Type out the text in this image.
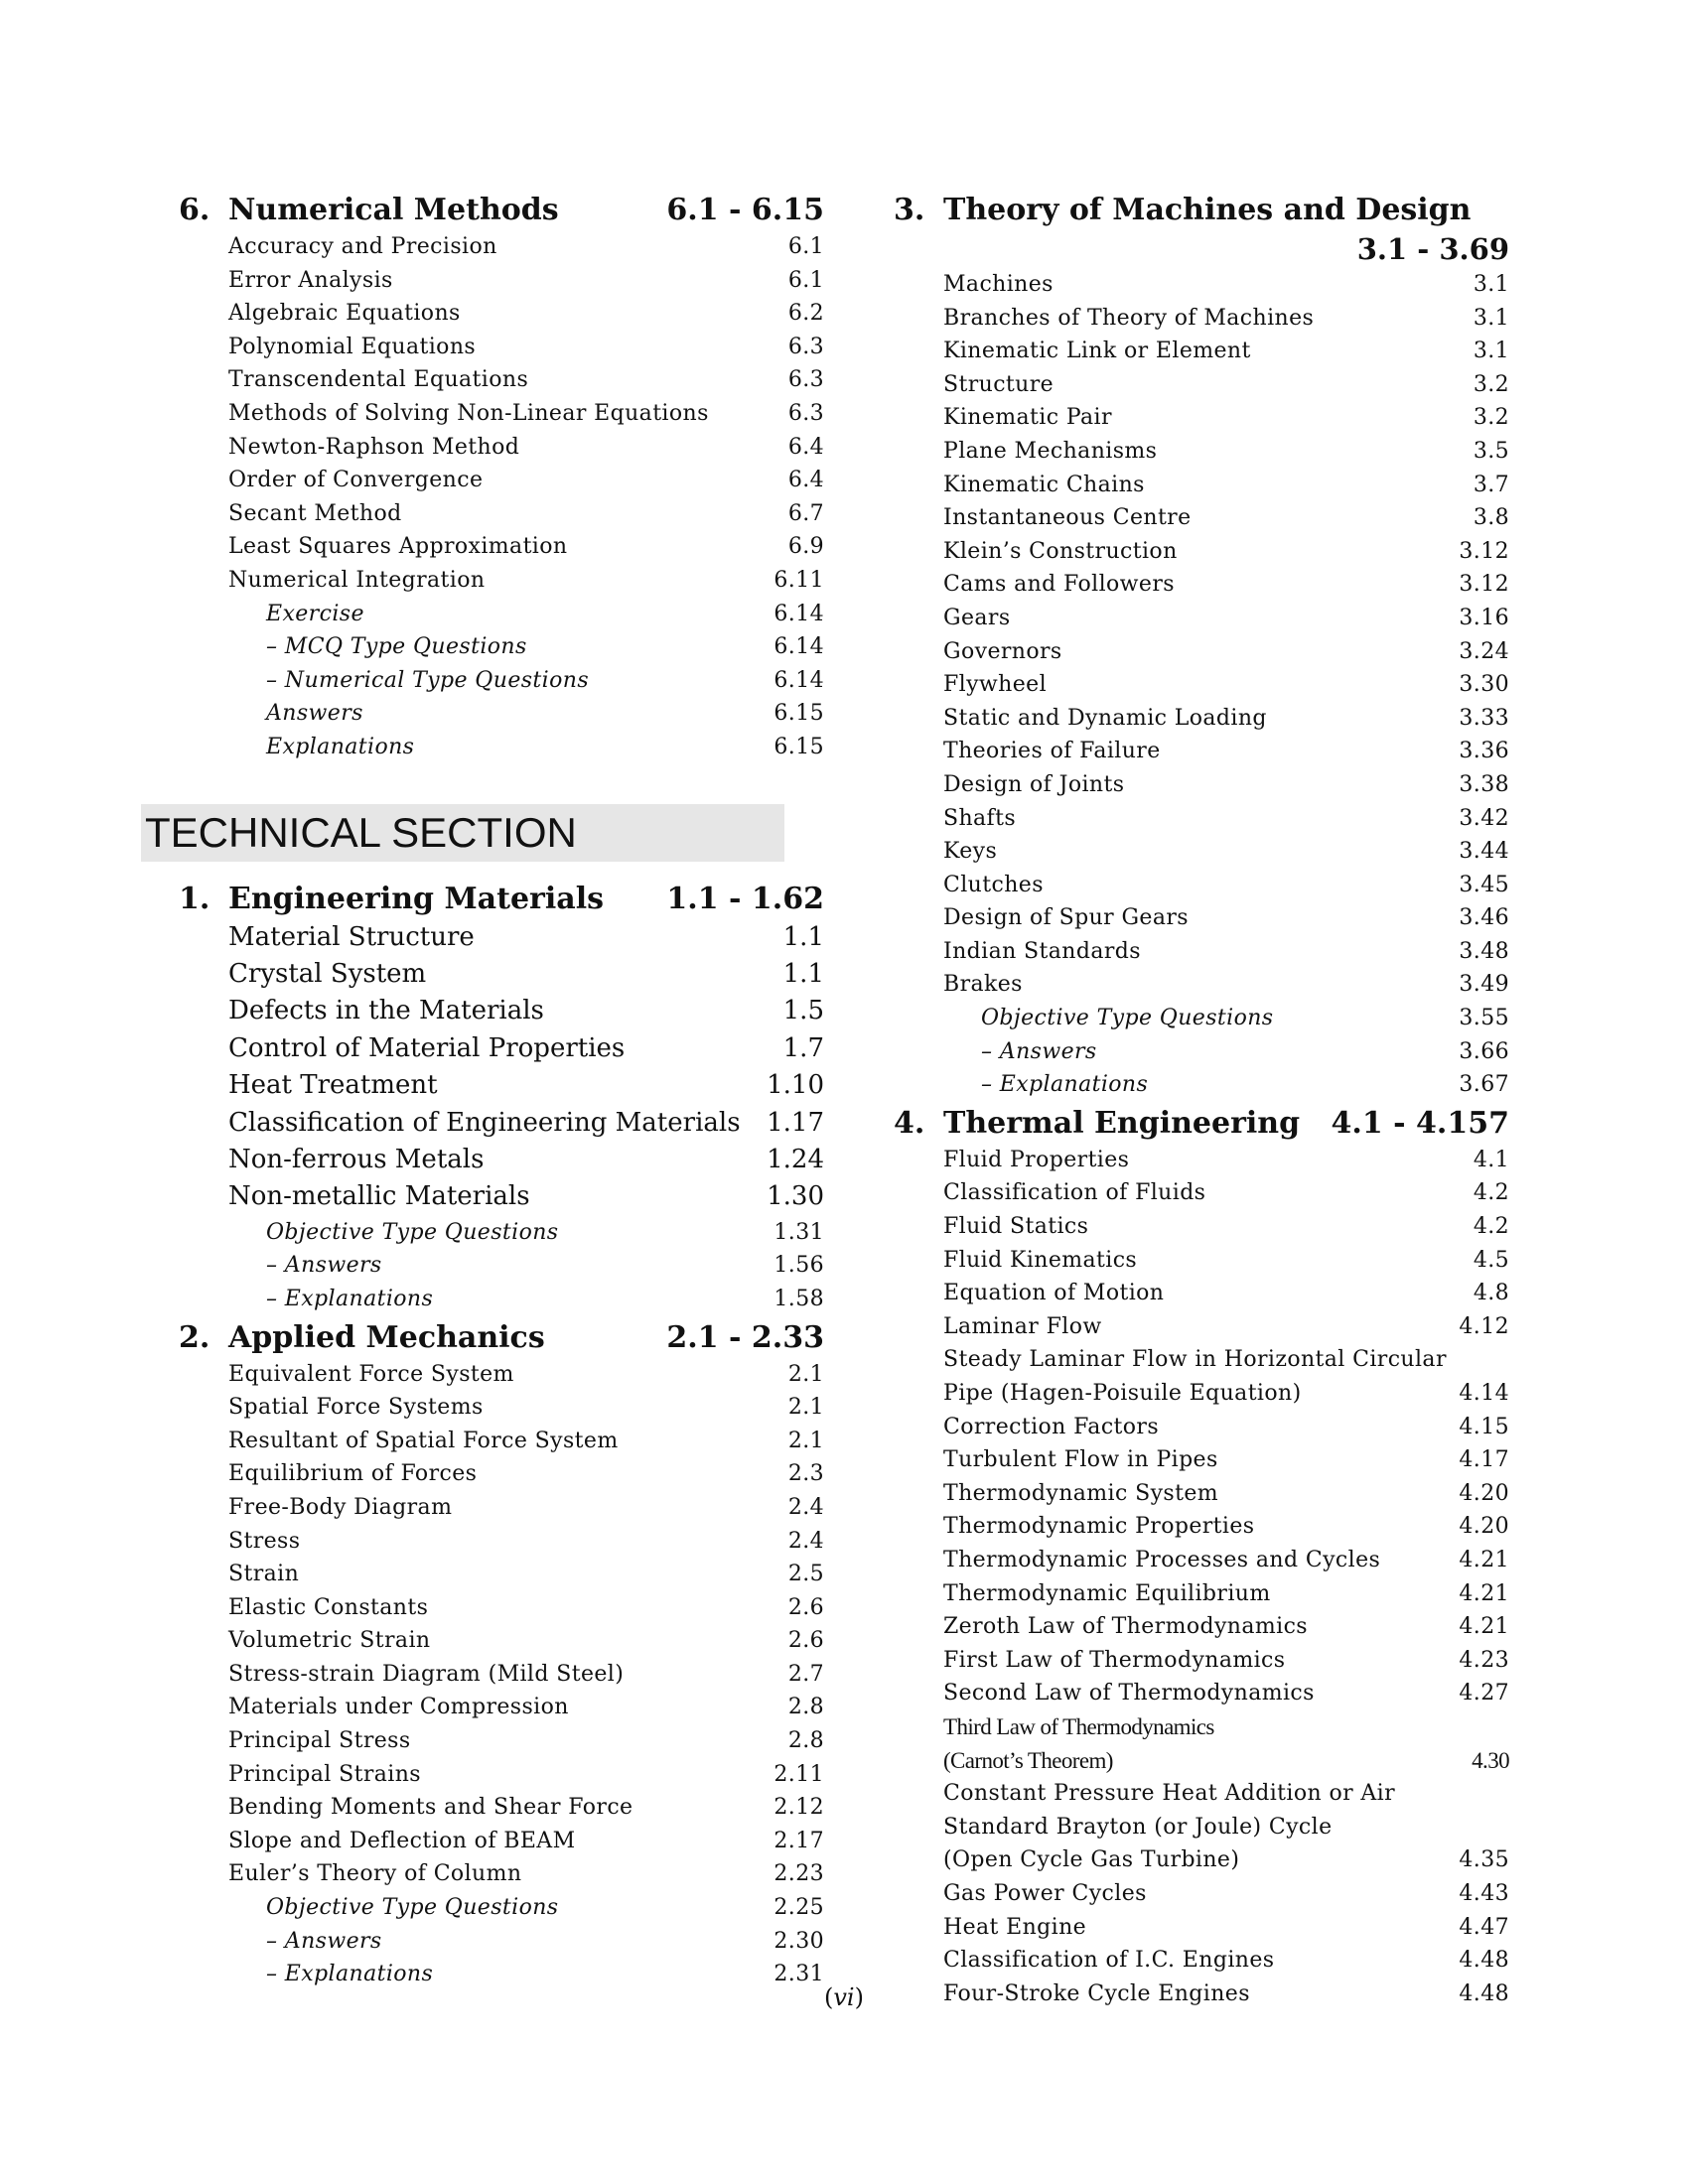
6. Numerical Methods	6.1 - 6.15
Accuracy and Precision	6.1
Error Analysis	6.1
Algebraic Equations	6.2
Polynomial Equations	6.3
Transcendental Equations	6.3
Methods of Solving Non-Linear Equations	6.3
Newton-Raphson Method	6.4
Order of Convergence	6.4
Secant Method	6.7
Least Squares Approximation	6.9
Numerical Integration	6.11
Exercise	6.14
– MCQ Type Questions	6.14
– Numerical Type Questions	6.14
Answers	6.15
Explanations	6.15
TECHNICAL SECTION
1. Engineering Materials	1.1 - 1.62
Material Structure	1.1
Crystal System	1.1
Defects in the Materials	1.5
Control of Material Properties	1.7
Heat Treatment	1.10
Classification of Engineering Materials	1.17
Non-ferrous Metals	1.24
Non-metallic Materials	1.30
Objective Type Questions	1.31
– Answers	1.56
– Explanations	1.58
2. Applied Mechanics	2.1 - 2.33
Equivalent Force System	2.1
Spatial Force Systems	2.1
Resultant of Spatial Force System	2.1
Equilibrium of Forces	2.3
Free-Body Diagram	2.4
Stress	2.4
Strain	2.5
Elastic Constants	2.6
Volumetric Strain	2.6
Stress-strain Diagram (Mild Steel)	2.7
Materials under Compression	2.8
Principal Stress	2.8
Principal Strains	2.11
Bending Moments and Shear Force	2.12
Slope and Deflection of BEAM	2.17
Euler’s Theory of Column	2.23
Objective Type Questions	2.25
– Answers	2.30
– Explanations	2.31
3. Theory of Machines and Design
3.1 - 3.69
Machines	3.1
Branches of Theory of Machines	3.1
Kinematic Link or Element	3.1
Structure	3.2
Kinematic Pair	3.2
Plane Mechanisms	3.5
Kinematic Chains	3.7
Instantaneous Centre	3.8
Klein’s Construction	3.12
Cams and Followers	3.12
Gears	3.16
Governors	3.24
Flywheel	3.30
Static and Dynamic Loading	3.33
Theories of Failure	3.36
Design of Joints	3.38
Shafts	3.42
Keys	3.44
Clutches	3.45
Design of Spur Gears	3.46
Indian Standards	3.48
Brakes	3.49
Objective Type Questions	3.55
– Answers	3.66
– Explanations	3.67
4. Thermal Engineering	4.1 - 4.157
Fluid Properties	4.1
Classification of Fluids	4.2
Fluid Statics	4.2
Fluid Kinematics	4.5
Equation of Motion	4.8
Laminar Flow	4.12
Steady Laminar Flow in Horizontal Circular
Pipe (Hagen-Poisuile Equation)	4.14
Correction Factors	4.15
Turbulent Flow in Pipes	4.17
Thermodynamic System	4.20
Thermodynamic Properties	4.20
Thermodynamic Processes and Cycles	4.21
Thermodynamic Equilibrium	4.21
Zeroth Law of Thermodynamics	4.21
First Law of Thermodynamics	4.23
Second Law of Thermodynamics	4.27
Third Law of Thermodynamics
(Carnot’s Theorem)	4.30
Constant Pressure Heat Addition or Air
Standard Brayton (or Joule) Cycle
(Open Cycle Gas Turbine)	4.35
Gas Power Cycles	4.43
Heat Engine	4.47
Classification of I.C. Engines	4.48
Four-Stroke Cycle Engines	4.48
(vi)
